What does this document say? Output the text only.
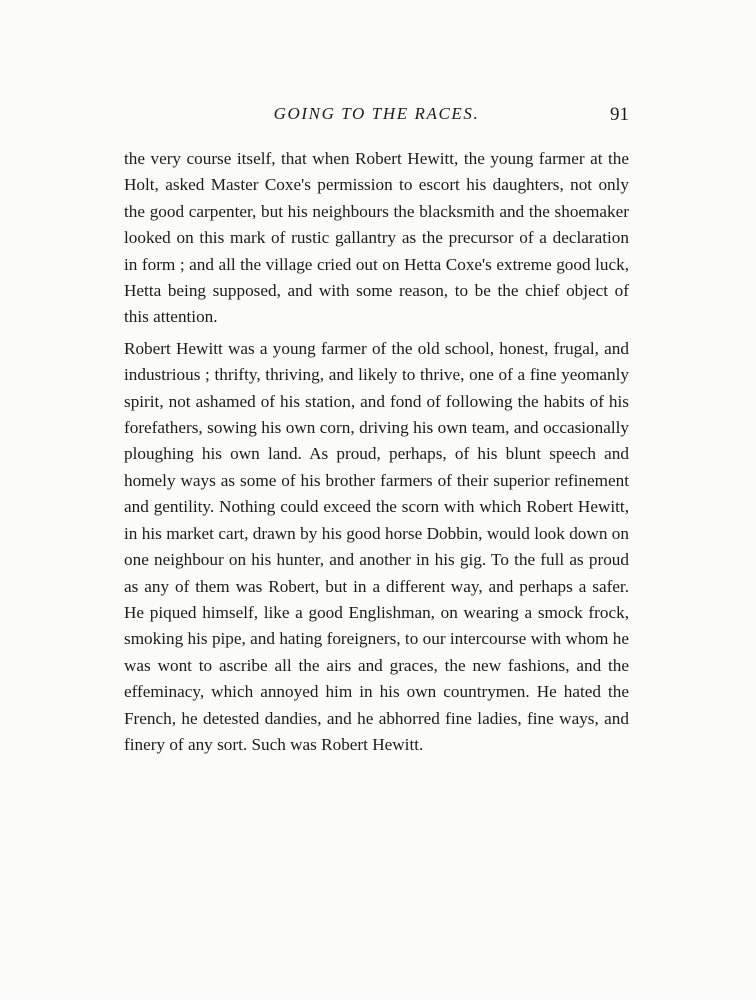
GOING TO THE RACES.	91

the very course itself, that when Robert Hewitt, the young farmer at the Holt, asked Master Coxe's permission to escort his daughters, not only the good carpenter, but his neighbours the blacksmith and the shoemaker looked on this mark of rustic gallantry as the precursor of a declaration in form ; and all the village cried out on Hetta Coxe's extreme good luck, Hetta being supposed, and with some reason, to be the chief object of this attention.

Robert Hewitt was a young farmer of the old school, honest, frugal, and industrious ; thrifty, thriving, and likely to thrive, one of a fine yeomanly spirit, not ashamed of his station, and fond of following the habits of his forefathers, sowing his own corn, driving his own team, and occasionally ploughing his own land. As proud, perhaps, of his blunt speech and homely ways as some of his brother farmers of their superior refinement and gentility. Nothing could exceed the scorn with which Robert Hewitt, in his market cart, drawn by his good horse Dobbin, would look down on one neighbour on his hunter, and another in his gig. To the full as proud as any of them was Robert, but in a different way, and perhaps a safer. He piqued himself, like a good Englishman, on wearing a smock frock, smoking his pipe, and hating foreigners, to our intercourse with whom he was wont to ascribe all the airs and graces, the new fashions, and the effeminacy, which annoyed him in his own countrymen. He hated the French, he detested dandies, and he abhorred fine ladies, fine ways, and finery of any sort. Such was Robert Hewitt.
